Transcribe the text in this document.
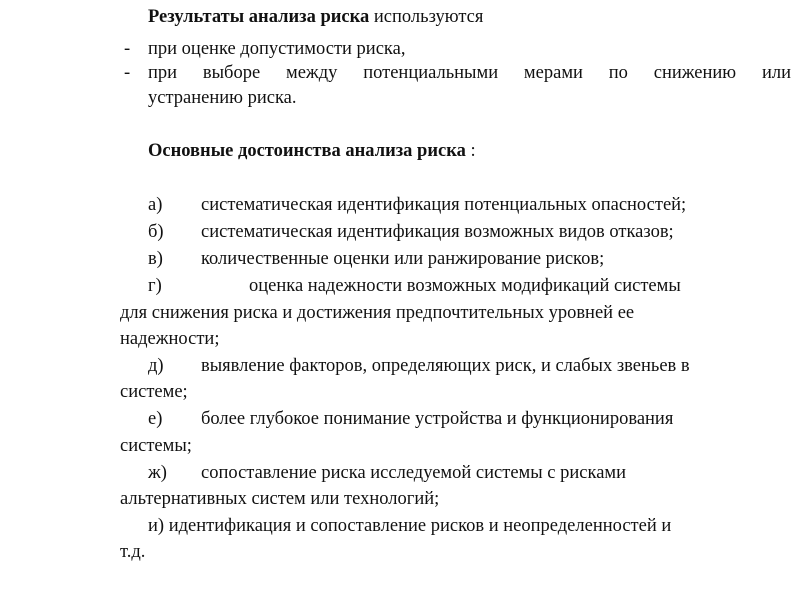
Результаты анализа риска используются
- при оценке допустимости риска,
- при выборе между потенциальными мерами по снижению или
устранению риска.
Основные достоинства анализа риска :
а) систематическая идентификация потенциальных опасностей;
б) систематическая идентификация возможных видов отказов;
в) количественные оценки или ранжирование рисков;
г)	оценка надежности возможных модификаций системы
для снижения риска и достижения предпочтительных уровней ее
надежности;
д) выявление факторов, определяющих риск, и слабых звеньев в
системе;
е) более глубокое понимание устройства и функционирования
системы;
ж) сопоставление риска исследуемой системы с рисками
альтернативных систем или технологий;
и) идентификация и сопоставление рисков и неопределенностей и
т.д.
